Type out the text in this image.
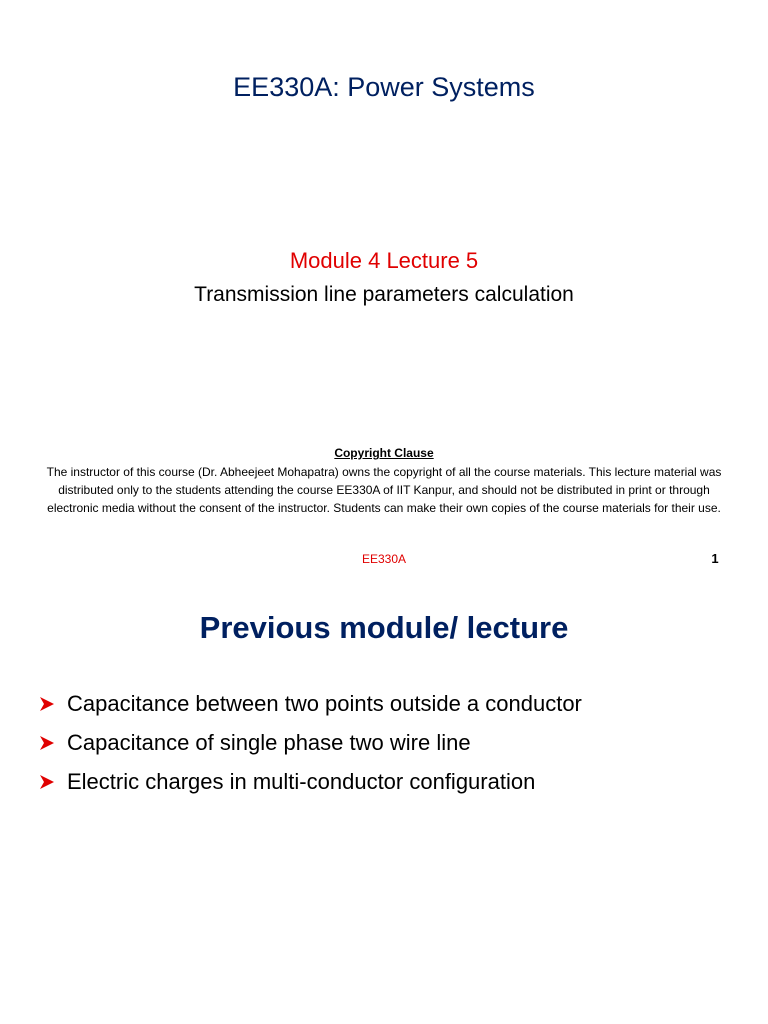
EE330A: Power Systems
Module 4 Lecture 5
Transmission line parameters calculation
Copyright Clause

The instructor of this course (Dr. Abheejeet Mohapatra) owns the copyright of all the course materials. This lecture material was distributed only to the students attending the course EE330A of IIT Kanpur, and should not be distributed in print or through electronic media without the consent of the instructor. Students can make their own copies of the course materials for their use.

EE330A	1
Previous module/ lecture
Capacitance between two points outside a conductor
Capacitance of single phase two wire line
Electric charges in multi-conductor configuration
